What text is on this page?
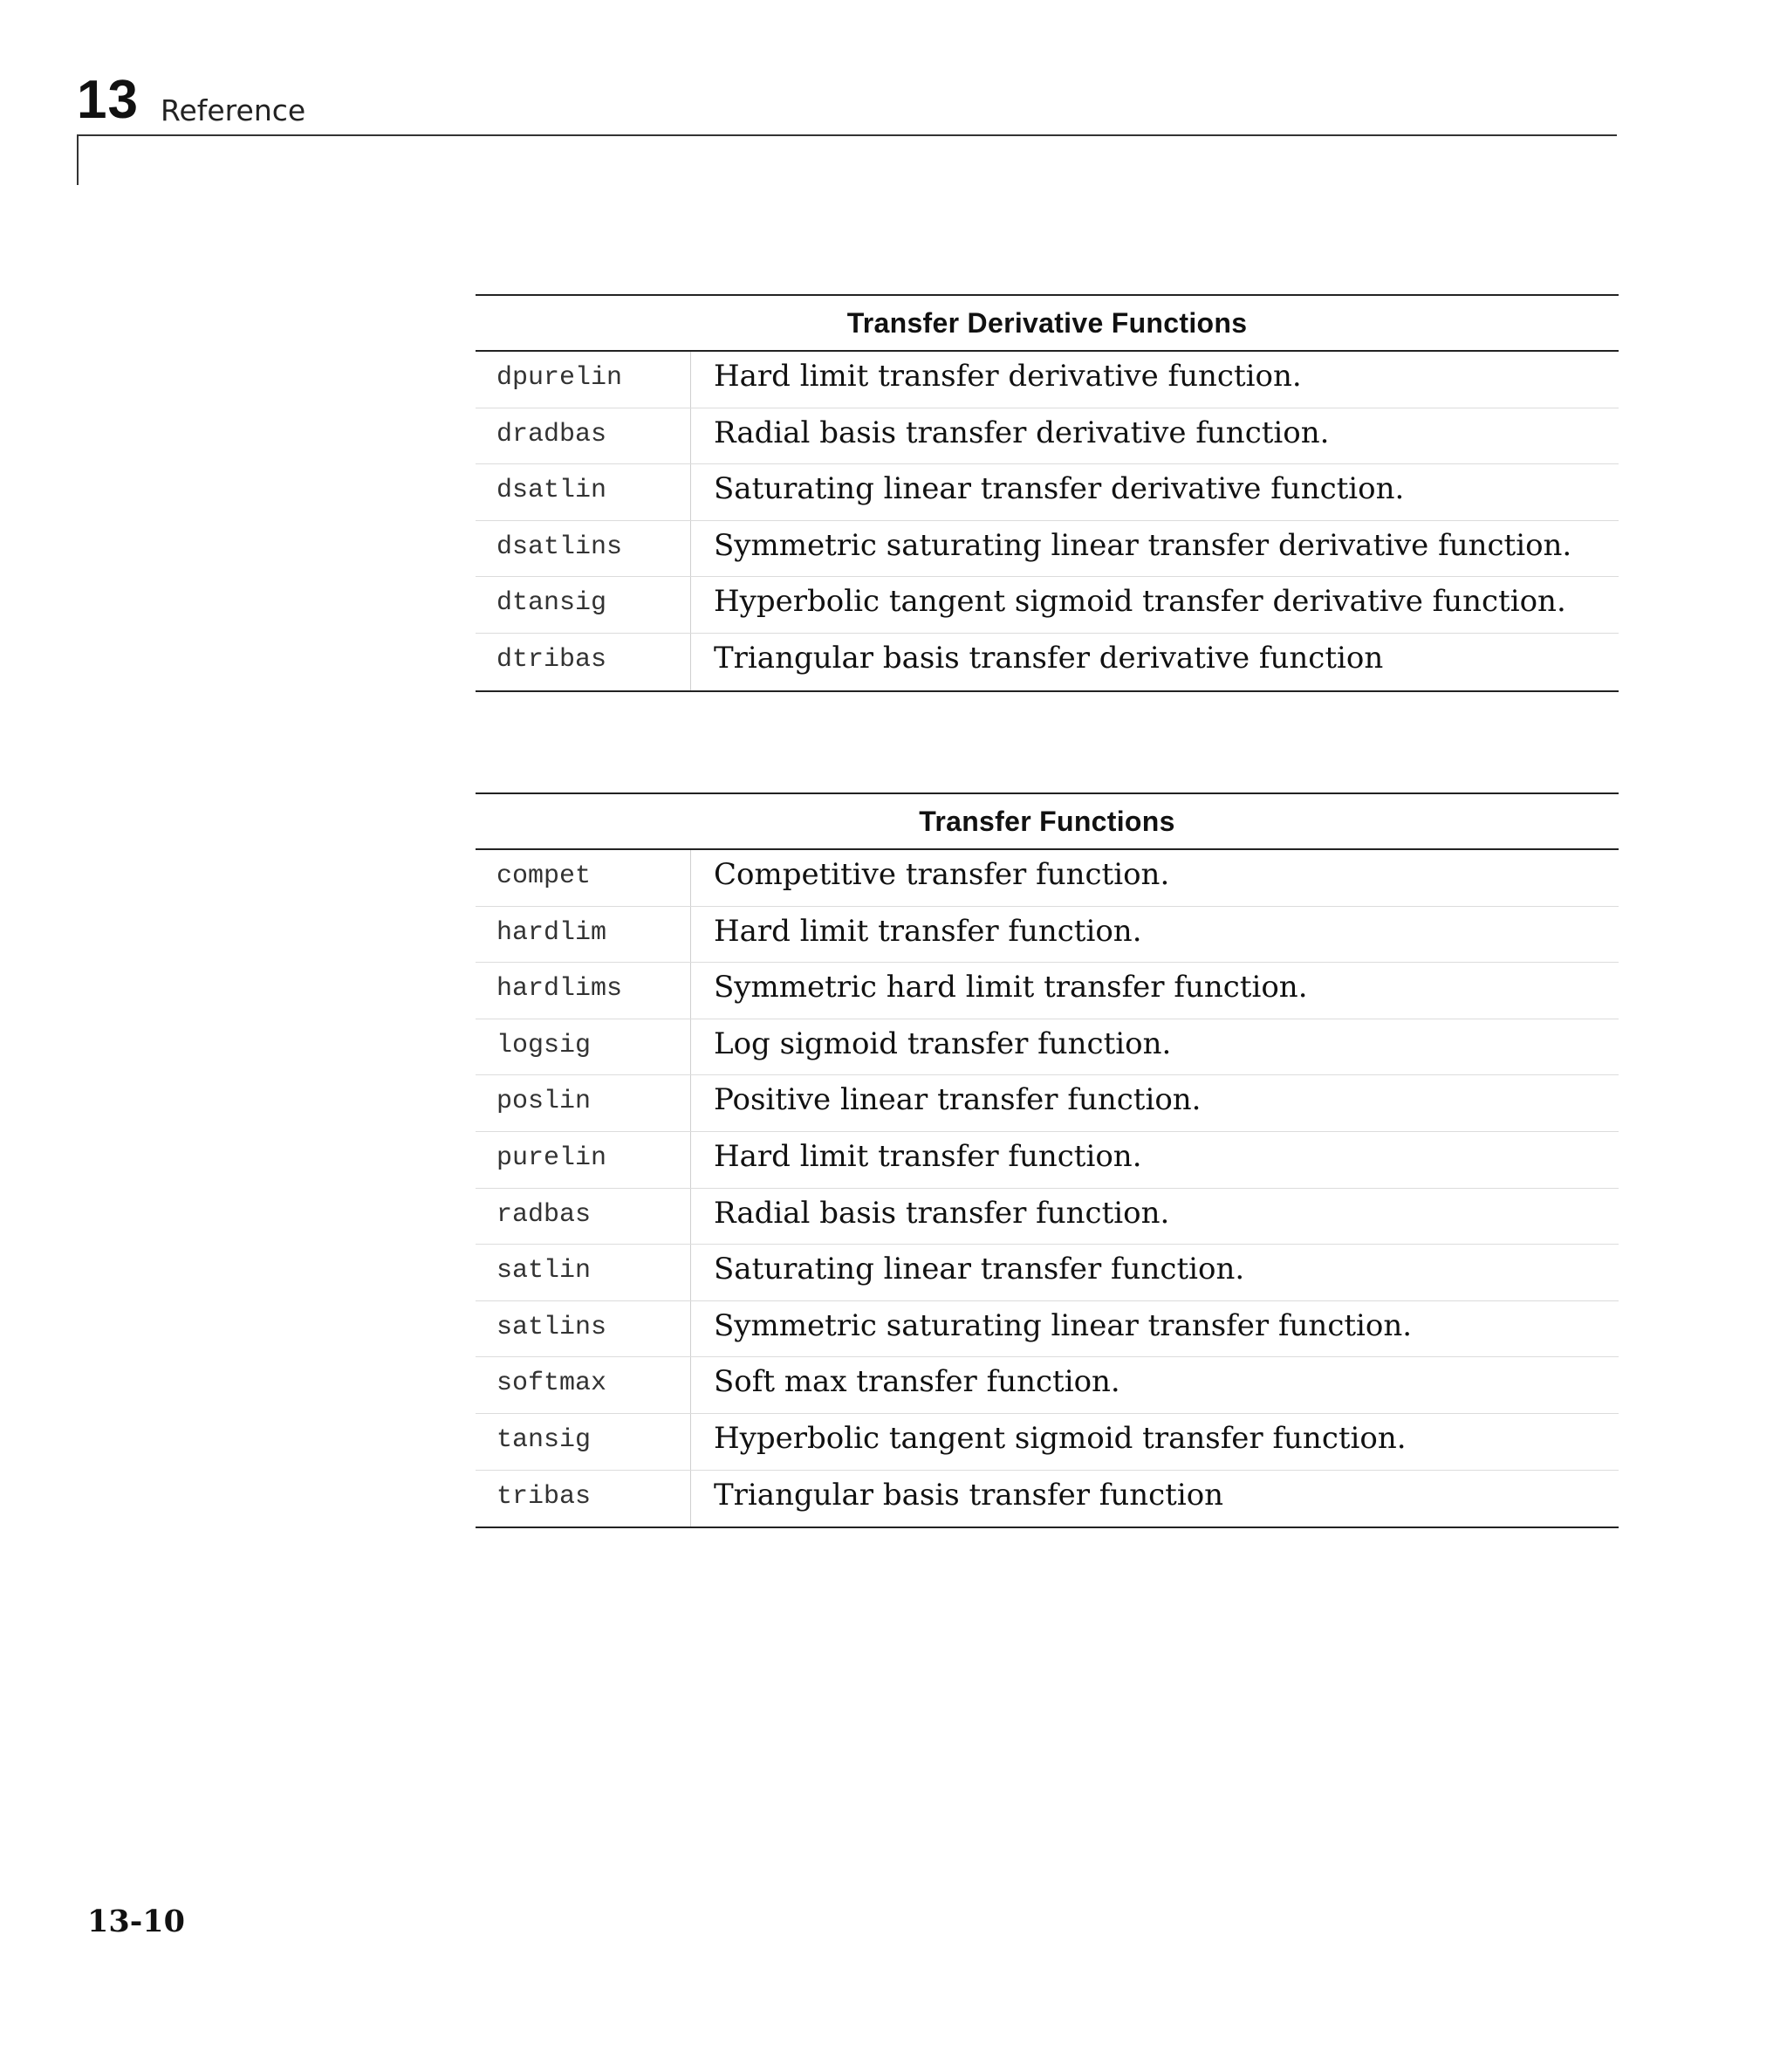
13 Reference
Transfer Derivative Functions
dpurelin	Hard limit transfer derivative function.
dradbas	Radial basis transfer derivative function.
dsatlin	Saturating linear transfer derivative function.
dsatlins	Symmetric saturating linear transfer derivative function.
dtansig	Hyperbolic tangent sigmoid transfer derivative function.
dtribas	Triangular basis transfer derivative function
Transfer Functions
compet	Competitive transfer function.
hardlim	Hard limit transfer function.
hardlims	Symmetric hard limit transfer function.
logsig	Log sigmoid transfer function.
poslin	Positive linear transfer function.
purelin	Hard limit transfer function.
radbas	Radial basis transfer function.
satlin	Saturating linear transfer function.
satlins	Symmetric saturating linear transfer function.
softmax	Soft max transfer function.
tansig	Hyperbolic tangent sigmoid transfer function.
tribas	Triangular basis transfer function
13-10
